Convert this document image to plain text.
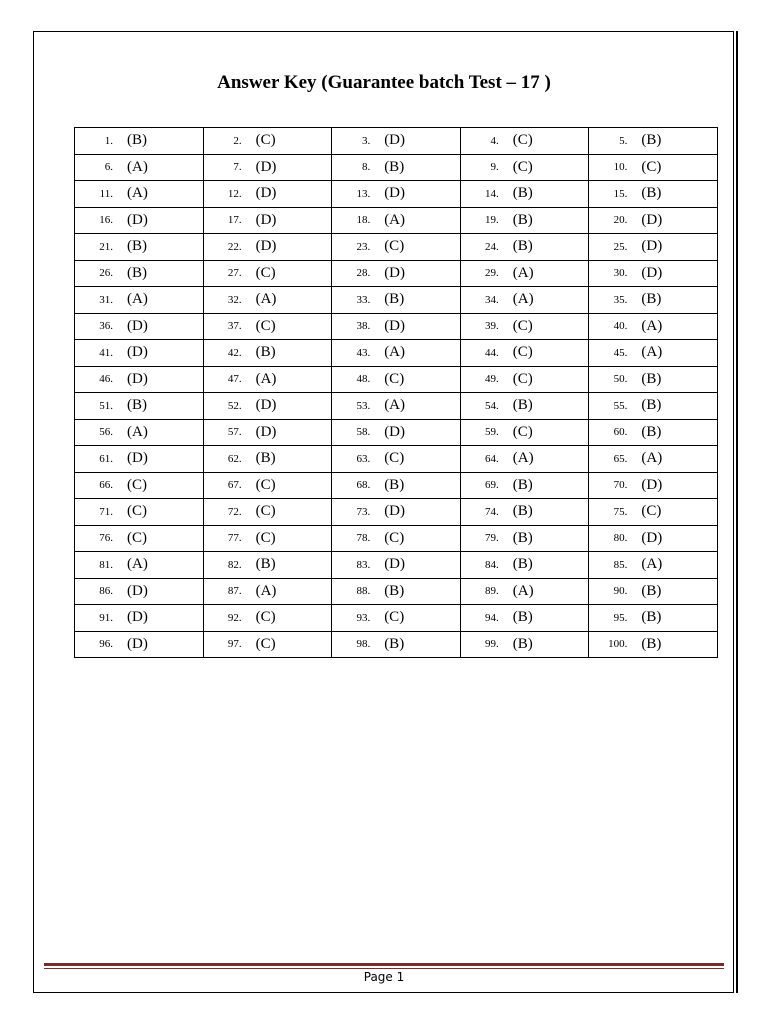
Answer Key (Guarantee batch Test – 17 )
1. (B)	2. (C)	3. (D)	4. (C)	5. (B)

6. (A)	7. (D)	8. (B)	9. (C)	10. (C)

11. (A)	12. (D)	13. (D)	14. (B)	15. (B)

16. (D)	17. (D)	18. (A)	19. (B)	20. (D)

21. (B)	22. (D)	23. (C)	24. (B)	25. (D)

26. (B)	27. (C)	28. (D)	29. (A)	30. (D)

31. (A)	32. (A)	33. (B)	34. (A)	35. (B)

36. (D)	37. (C)	38. (D)	39. (C)	40. (A)

41. (D)	42. (B)	43. (A)	44. (C)	45. (A)

46. (D)	47. (A)	48. (C)	49. (C)	50. (B)

51. (B)	52. (D)	53. (A)	54. (B)	55. (B)

56. (A)	57. (D)	58. (D)	59. (C)	60. (B)

61. (D)	62. (B)	63. (C)	64. (A)	65. (A)

66. (C)	67. (C)	68. (B)	69. (B)	70. (D)

71. (C)	72. (C)	73. (D)	74. (B)	75. (C)

76. (C)	77. (C)	78. (C)	79. (B)	80. (D)

81. (A)	82. (B)	83. (D)	84. (B)	85. (A)

86. (D)	87. (A)	88. (B)	89. (A)	90. (B)

91. (D)	92. (C)	93. (C)	94. (B)	95. (B)

96. (D)	97. (C)	98. (B)	99. (B)	100. (B)
Page 1
